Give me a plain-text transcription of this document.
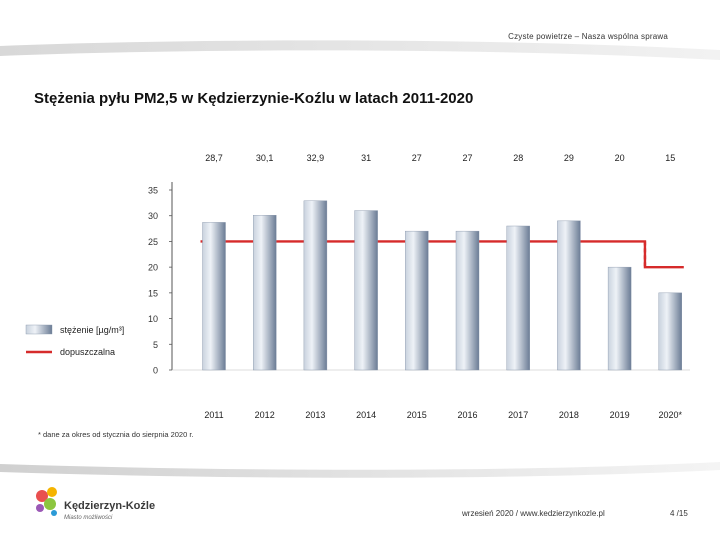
Czyste powietrze – Nasza wspólna sprawa
Stężenia pyłu PM2,5 w Kędzierzynie-Koźlu w latach 2011-2020
35
30
25
20
15
10
5
0
28,7
2011
30,1
2012
32,9
2013
31
2014
27
2015
27
2016
28
2017
29
2018
20
2019
15
2020*
stężenie [µg/m³]
dopuszczalna
* dane za okres od stycznia do sierpnia 2020 r.
Kędzierzyn-Koźle
Miasto możliwości	wrzesień 2020 / www.kedzierzynkozle.pl	4 /15
